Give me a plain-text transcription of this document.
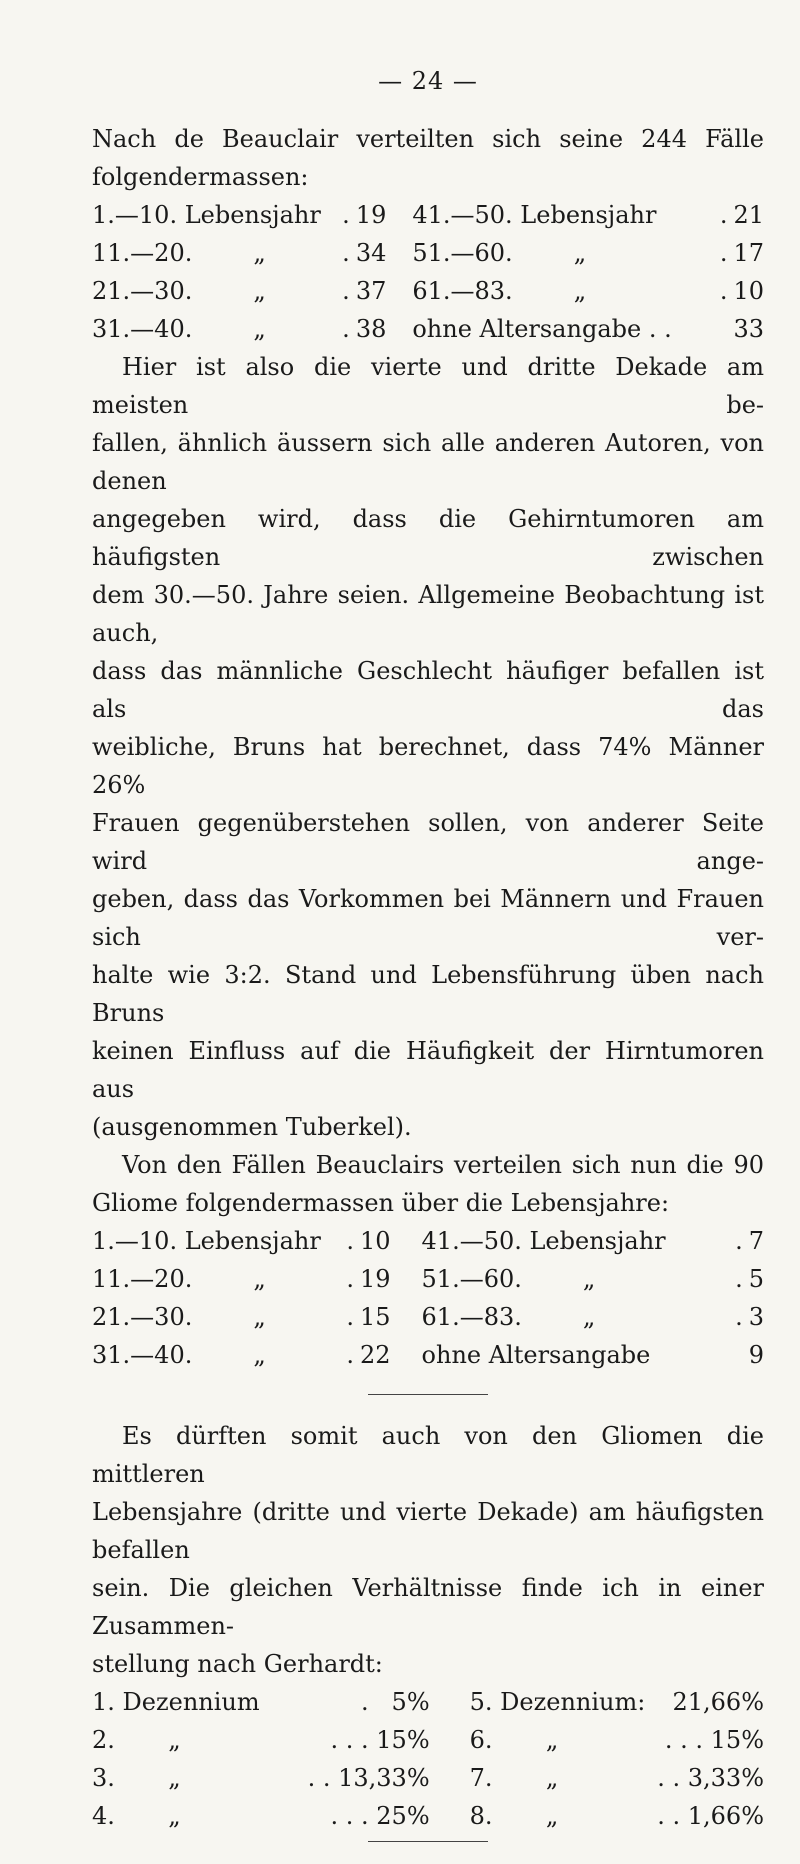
— 24 —

Nach de Beauclair verteilten sich seine 244 Fälle
folgendermassen:

1.—10. Lebensjahr	.	19	41.—50. Lebensjahr	.	21
11.—20.        „	.	34	51.—60.        „	.	17
21.—30.        „	.	37	61.—83.        „	.	10
31.—40.        „	.	38	ohne Altersangabe . .		33

Hier ist also die vierte und dritte Dekade am meisten be-
fallen, ähnlich äussern sich alle anderen Autoren, von denen
angegeben wird, dass die Gehirntumoren am häufigsten zwischen
dem 30.—50. Jahre seien. Allgemeine Beobachtung ist auch,
dass das männliche Geschlecht häufiger befallen ist als das
weibliche, Bruns hat berechnet, dass 74% Männer 26%
Frauen gegenüberstehen sollen, von anderer Seite wird ange-
geben, dass das Vorkommen bei Männern und Frauen sich ver-
halte wie 3:2. Stand und Lebensführung üben nach Bruns
keinen Einfluss auf die Häufigkeit der Hirntumoren aus
(ausgenommen Tuberkel).

Von den Fällen Beauclairs verteilen sich nun die 90
Gliome folgendermassen über die Lebensjahre:

1.—10. Lebensjahr	.	10	41.—50. Lebensjahr	.	7
11.—20.        „	.	19	51.—60.        „	.	5
21.—30.        „	.	15	61.—83.        „	.	3
31.—40.        „	.	22	ohne Altersangabe		9

Es dürften somit auch von den Gliomen die mittleren
Lebensjahre (dritte und vierte Dekade) am häufigsten befallen
sein. Die gleichen Verhältnisse finde ich in einer Zusammen-
stellung nach Gerhardt:

1. Dezennium	.   5%		5. Dezennium:	21,66%
2.       „	. . . 15%		6.       „	. . . 15%
3.       „	. . 13,33%		7.       „	. . 3,33%
4.       „	. . . 25%		8.       „	. . 1,66%
